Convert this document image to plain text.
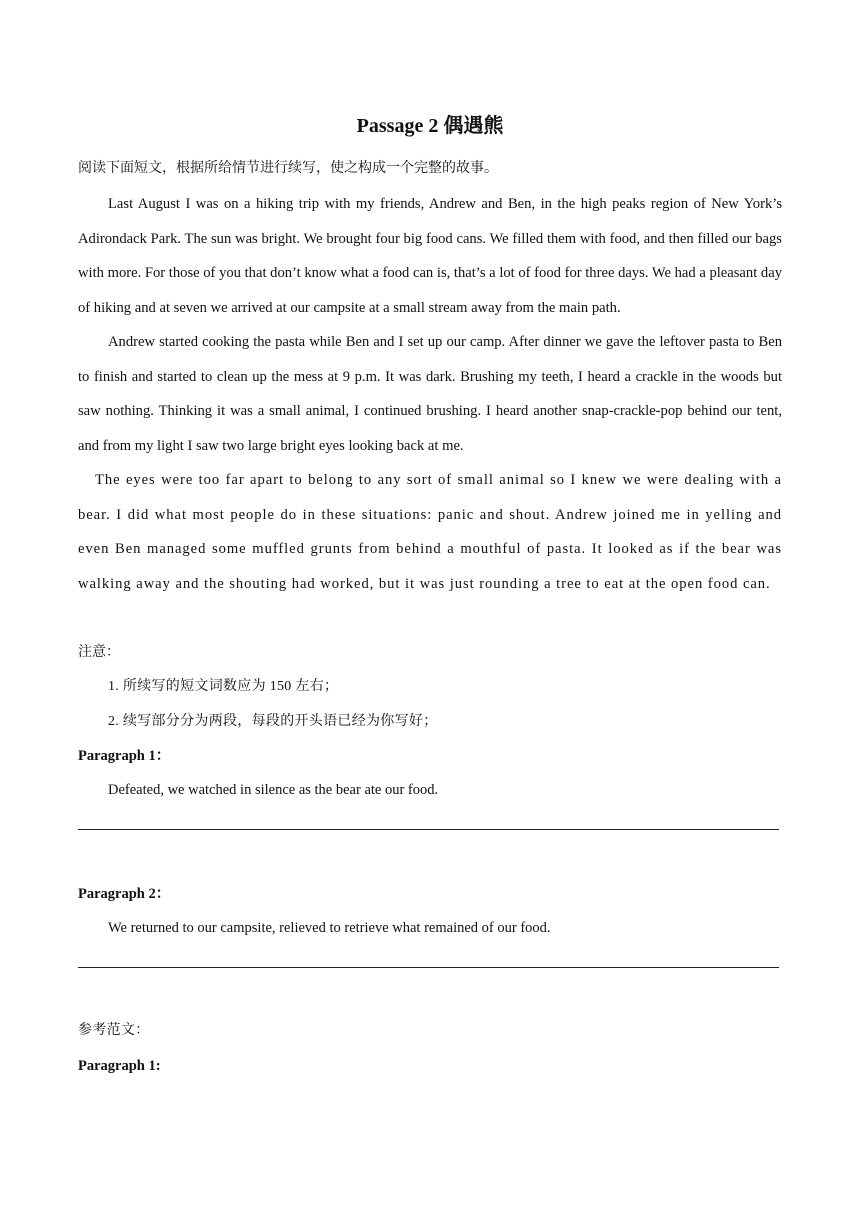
Passage 2 偶遇熊
阅读下面短文，根据所给情节进行续写，使之构成一个完整的故事。

Last August I was on a hiking trip with my friends, Andrew and Ben, in the high peaks region of New York’s Adirondack Park. The sun was bright. We brought four big food cans. We filled them with food, and then filled our bags with more. For those of you that don’t know what a food can is, that’s a lot of food for three days. We had a pleasant day of hiking and at seven we arrived at our campsite at a small stream away from the main path.

Andrew started cooking the pasta while Ben and I set up our camp. After dinner we gave the leftover pasta to Ben to finish and started to clean up the mess at 9 p.m. It was dark. Brushing my teeth, I heard a crackle in the woods but saw nothing. Thinking it was a small animal, I continued brushing. I heard another snap-crackle-pop behind our tent, and from my light I saw two large bright eyes looking back at me.

The eyes were too far apart to belong to any sort of small animal so I knew we were dealing with a bear. I did what most people do in these situations: panic and shout. Andrew joined me in yelling and even Ben managed some muffled grunts from behind a mouthful of pasta. It looked as if the bear was walking away and the shouting had worked, but it was just rounding a tree to eat at the open food can.

注意：
1. 所续写的短文词数应为 150 左右；
2. 续写部分分为两段，每段的开头语已经为你写好；
Paragraph 1：
Defeated, we watched in silence as the bear ate our food.
Paragraph 2：
We returned to our campsite, relieved to retrieve what remained of our food.
参考范文：
Paragraph 1:
